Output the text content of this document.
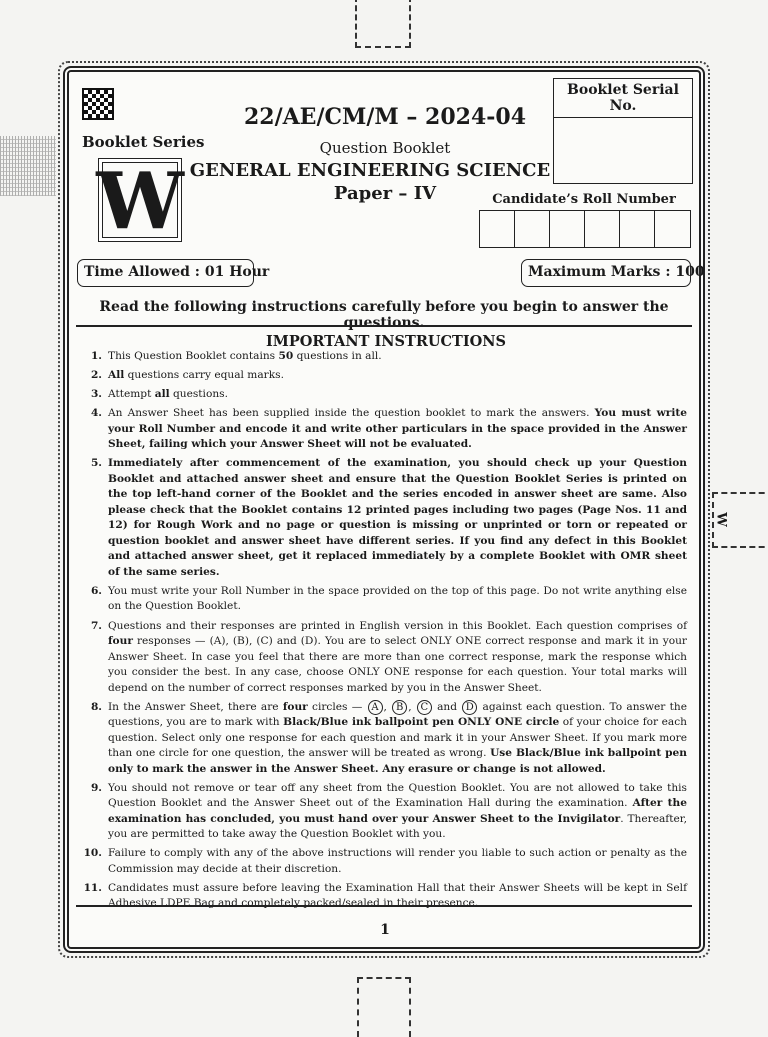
W
Booklet Series
W
22/AE/CM/M – 2024-04
Question Booklet
GENERAL ENGINEERING SCIENCE
Paper – IV
Booklet Serial No.
Candidate’s Roll Number
Time Allowed : 01 Hour	Maximum Marks : 100
Read the following instructions carefully before you begin to answer the questions.
IMPORTANT INSTRUCTIONS
1. This Question Booklet contains 50 questions in all.
2. All questions carry equal marks.
3. Attempt all questions.
4. An Answer Sheet has been supplied inside the question booklet to mark the answers. You must write your Roll Number and encode it and write other particulars in the space provided in the Answer Sheet, failing which your Answer Sheet will not be evaluated.
5. Immediately after commencement of the examination, you should check up your Question Booklet and attached answer sheet and ensure that the Question Booklet Series is printed on the top left-hand corner of the Booklet and the series encoded in answer sheet are same. Also please check that the Booklet contains 12 printed pages including two pages (Page Nos. 11 and 12) for Rough Work and no page or question is missing or unprinted or torn or repeated or question booklet and answer sheet have different series. If you find any defect in this Booklet and attached answer sheet, get it replaced immediately by a complete Booklet with OMR sheet of the same series.
6. You must write your Roll Number in the space provided on the top of this page. Do not write anything else on the Question Booklet.
7. Questions and their responses are printed in English version in this Booklet. Each question comprises of four responses — (A), (B), (C) and (D). You are to select ONLY ONE correct response and mark it in your Answer Sheet. In case you feel that there are more than one correct response, mark the response which you consider the best. In any case, choose ONLY ONE response for each question. Your total marks will depend on the number of correct responses marked by you in the Answer Sheet.
8. In the Answer Sheet, there are four circles — A , B , C and D against each question. To answer the questions, you are to mark with Black/Blue ink ballpoint pen ONLY ONE circle of your choice for each question. Select only one response for each question and mark it in your Answer Sheet. If you mark more than one circle for one question, the answer will be treated as wrong. Use Black/Blue ink ballpoint pen only to mark the answer in the Answer Sheet. Any erasure or change is not allowed.
9. You should not remove or tear off any sheet from the Question Booklet. You are not allowed to take this Question Booklet and the Answer Sheet out of the Examination Hall during the examination. After the examination has concluded, you must hand over your Answer Sheet to the Invigilator. Thereafter, you are permitted to take away the Question Booklet with you.
10. Failure to comply with any of the above instructions will render you liable to such action or penalty as the Commission may decide at their discretion.
11. Candidates must assure before leaving the Examination Hall that their Answer Sheets will be kept in Self Adhesive LDPE Bag and completely packed/sealed in their presence.
1
